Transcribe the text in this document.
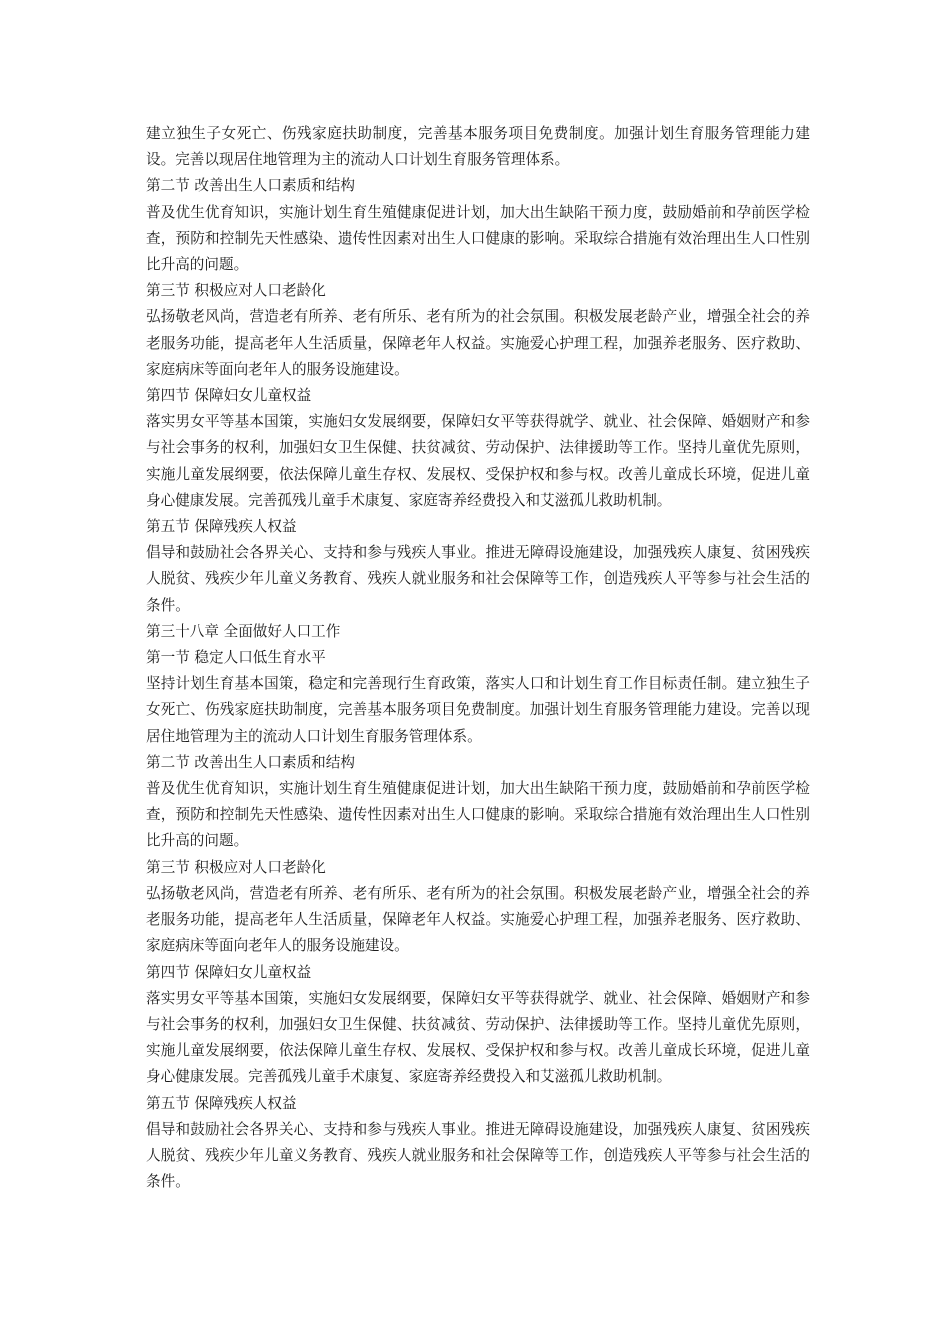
建立独生子女死亡、伤残家庭扶助制度，完善基本服务项目免费制度。加强计划生育服务管理能力建设。完善以现居住地管理为主的流动人口计划生育服务管理体系。

第二节 改善出生人口素质和结构

普及优生优育知识，实施计划生育生殖健康促进计划，加大出生缺陷干预力度，鼓励婚前和孕前医学检查，预防和控制先天性感染、遗传性因素对出生人口健康的影响。采取综合措施有效治理出生人口性别比升高的问题。

第三节 积极应对人口老龄化

弘扬敬老风尚，营造老有所养、老有所乐、老有所为的社会氛围。积极发展老龄产业，增强全社会的养老服务功能，提高老年人生活质量，保障老年人权益。实施爱心护理工程，加强养老服务、医疗救助、家庭病床等面向老年人的服务设施建设。

第四节 保障妇女儿童权益

落实男女平等基本国策，实施妇女发展纲要，保障妇女平等获得就学、就业、社会保障、婚姻财产和参与社会事务的权利，加强妇女卫生保健、扶贫减贫、劳动保护、法律援助等工作。坚持儿童优先原则，实施儿童发展纲要，依法保障儿童生存权、发展权、受保护权和参与权。改善儿童成长环境，促进儿童身心健康发展。完善孤残儿童手术康复、家庭寄养经费投入和艾滋孤儿救助机制。

第五节 保障残疾人权益

倡导和鼓励社会各界关心、支持和参与残疾人事业。推进无障碍设施建设，加强残疾人康复、贫困残疾人脱贫、残疾少年儿童义务教育、残疾人就业服务和社会保障等工作，创造残疾人平等参与社会生活的条件。

第三十八章 全面做好人口工作

第一节 稳定人口低生育水平

坚持计划生育基本国策，稳定和完善现行生育政策，落实人口和计划生育工作目标责任制。建立独生子女死亡、伤残家庭扶助制度，完善基本服务项目免费制度。加强计划生育服务管理能力建设。完善以现居住地管理为主的流动人口计划生育服务管理体系。

第二节 改善出生人口素质和结构

普及优生优育知识，实施计划生育生殖健康促进计划，加大出生缺陷干预力度，鼓励婚前和孕前医学检查，预防和控制先天性感染、遗传性因素对出生人口健康的影响。采取综合措施有效治理出生人口性别比升高的问题。

第三节 积极应对人口老龄化

弘扬敬老风尚，营造老有所养、老有所乐、老有所为的社会氛围。积极发展老龄产业，增强全社会的养老服务功能，提高老年人生活质量，保障老年人权益。实施爱心护理工程，加强养老服务、医疗救助、家庭病床等面向老年人的服务设施建设。

第四节 保障妇女儿童权益

落实男女平等基本国策，实施妇女发展纲要，保障妇女平等获得就学、就业、社会保障、婚姻财产和参与社会事务的权利，加强妇女卫生保健、扶贫减贫、劳动保护、法律援助等工作。坚持儿童优先原则，实施儿童发展纲要，依法保障儿童生存权、发展权、受保护权和参与权。改善儿童成长环境，促进儿童身心健康发展。完善孤残儿童手术康复、家庭寄养经费投入和艾滋孤儿救助机制。

第五节 保障残疾人权益

倡导和鼓励社会各界关心、支持和参与残疾人事业。推进无障碍设施建设，加强残疾人康复、贫困残疾人脱贫、残疾少年儿童义务教育、残疾人就业服务和社会保障等工作，创造残疾人平等参与社会生活的条件。
